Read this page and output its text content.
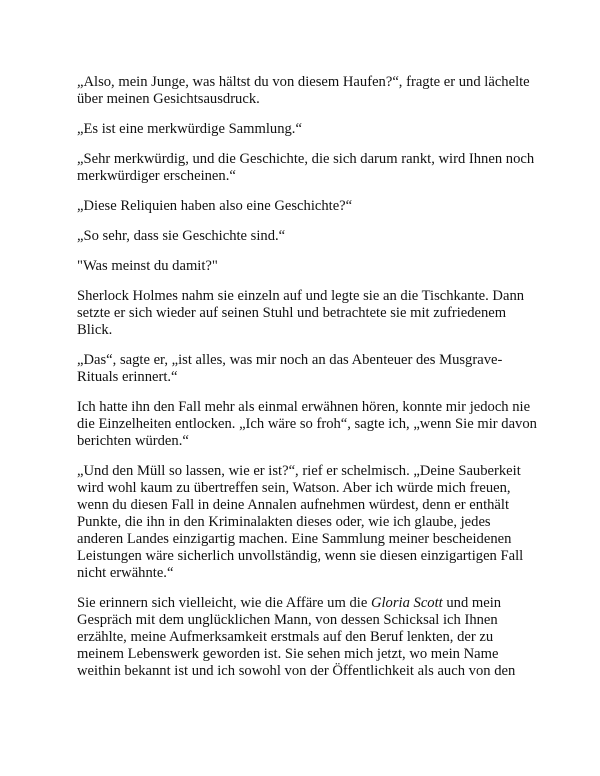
„Also, mein Junge, was hältst du von diesem Haufen?“, fragte er und lächelte über meinen Gesichtsausdruck.

„Es ist eine merkwürdige Sammlung.“

„Sehr merkwürdig, und die Geschichte, die sich darum rankt, wird Ihnen noch merkwürdiger erscheinen.“

„Diese Reliquien haben also eine Geschichte?“

„So sehr, dass sie Geschichte sind.“

"Was meinst du damit?"

Sherlock Holmes nahm sie einzeln auf und legte sie an die Tischkante. Dann setzte er sich wieder auf seinen Stuhl und betrachtete sie mit zufriedenem Blick.

„Das“, sagte er, „ist alles, was mir noch an das Abenteuer des Musgrave-Rituals erinnert.“

Ich hatte ihn den Fall mehr als einmal erwähnen hören, konnte mir jedoch nie die Einzelheiten entlocken. „Ich wäre so froh“, sagte ich, „wenn Sie mir davon berichten würden.“

„Und den Müll so lassen, wie er ist?“, rief er schelmisch. „Deine Sauberkeit wird wohl kaum zu übertreffen sein, Watson. Aber ich würde mich freuen, wenn du diesen Fall in deine Annalen aufnehmen würdest, denn er enthält Punkte, die ihn in den Kriminalakten dieses oder, wie ich glaube, jedes anderen Landes einzigartig machen. Eine Sammlung meiner bescheidenen Leistungen wäre sicherlich unvollständig, wenn sie diesen einzigartigen Fall nicht erwähnte.“

Sie erinnern sich vielleicht, wie die Affäre um die Gloria Scott und mein Gespräch mit dem unglücklichen Mann, von dessen Schicksal ich Ihnen erzählte, meine Aufmerksamkeit erstmals auf den Beruf lenkten, der zu meinem Lebenswerk geworden ist. Sie sehen mich jetzt, wo mein Name weithin bekannt ist und ich sowohl von der Öffentlichkeit als auch von den
